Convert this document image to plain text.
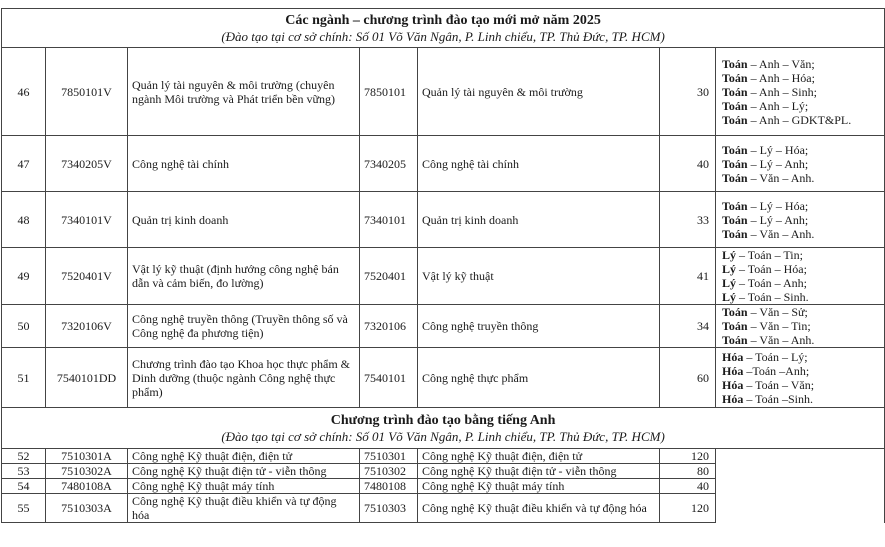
Các ngành – chương trình đào tạo mới mở năm 2025
(Đào tạo tại cơ sở chính: Số 01 Võ Văn Ngân, P. Linh chiểu, TP. Thủ Đức, TP. HCM)						

46	7850101V	Quản lý tài nguyên & môi trường (chuyên ngành Môi trường và Phát triển bền vững)	7850101	Quản lý tài nguyên & môi trường	30	Toán – Anh – Văn;
Toán – Anh – Hóa;
Toán – Anh – Sinh;
Toán – Anh – Lý;
Toán – Anh – GDKT&PL.

47	7340205V	Công nghệ tài chính	7340205	Công nghệ tài chính	40	Toán – Lý – Hóa;
Toán – Lý – Anh;
Toán – Văn – Anh.

48	7340101V	Quản trị kinh doanh	7340101	Quản trị kinh doanh	33	Toán – Lý – Hóa;
Toán – Lý – Anh;
Toán – Văn – Anh.

49	7520401V	Vật lý kỹ thuật (định hướng công nghệ bán dẫn và cảm biến, đo lường)	7520401	Vật lý kỹ thuật	41	Lý – Toán – Tin;
Lý – Toán – Hóa;
Lý – Toán – Anh;
Lý – Toán – Sinh.

50	7320106V	Công nghệ truyền thông (Truyền thông số và Công nghệ đa phương tiện)	7320106	Công nghệ truyền thông	34	Toán – Văn – Sử;
Toán – Văn – Tin;
Toán – Văn – Anh.

51	7540101DD	Chương trình đào tạo Khoa học thực phẩm & Dinh dưỡng (thuộc ngành Công nghệ thực phẩm)	7540101	Công nghệ thực phẩm	60	Hóa – Toán – Lý;
Hóa –Toán –Anh;
Hóa – Toán – Văn;
Hóa – Toán –Sinh.

Chương trình đào tạo bằng tiếng Anh
(Đào tạo tại cơ sở chính: Số 01 Võ Văn Ngân, P. Linh chiểu, TP. Thủ Đức, TP. HCM)						

52	7510301A	Công nghệ Kỹ thuật điện, điện tử	7510301	Công nghệ Kỹ thuật điện, điện tử	120	
53	7510302A	Công nghệ Kỹ thuật điện tử - viễn thông	7510302	Công nghệ Kỹ thuật điện tử - viễn thông	80	
54	7480108A	Công nghệ Kỹ thuật máy tính	7480108	Công nghệ Kỹ thuật máy tính	40	
55	7510303A	Công nghệ Kỹ thuật điều khiển và tự động hóa	7510303	Công nghệ Kỹ thuật điều khiển và tự động hóa	120	
